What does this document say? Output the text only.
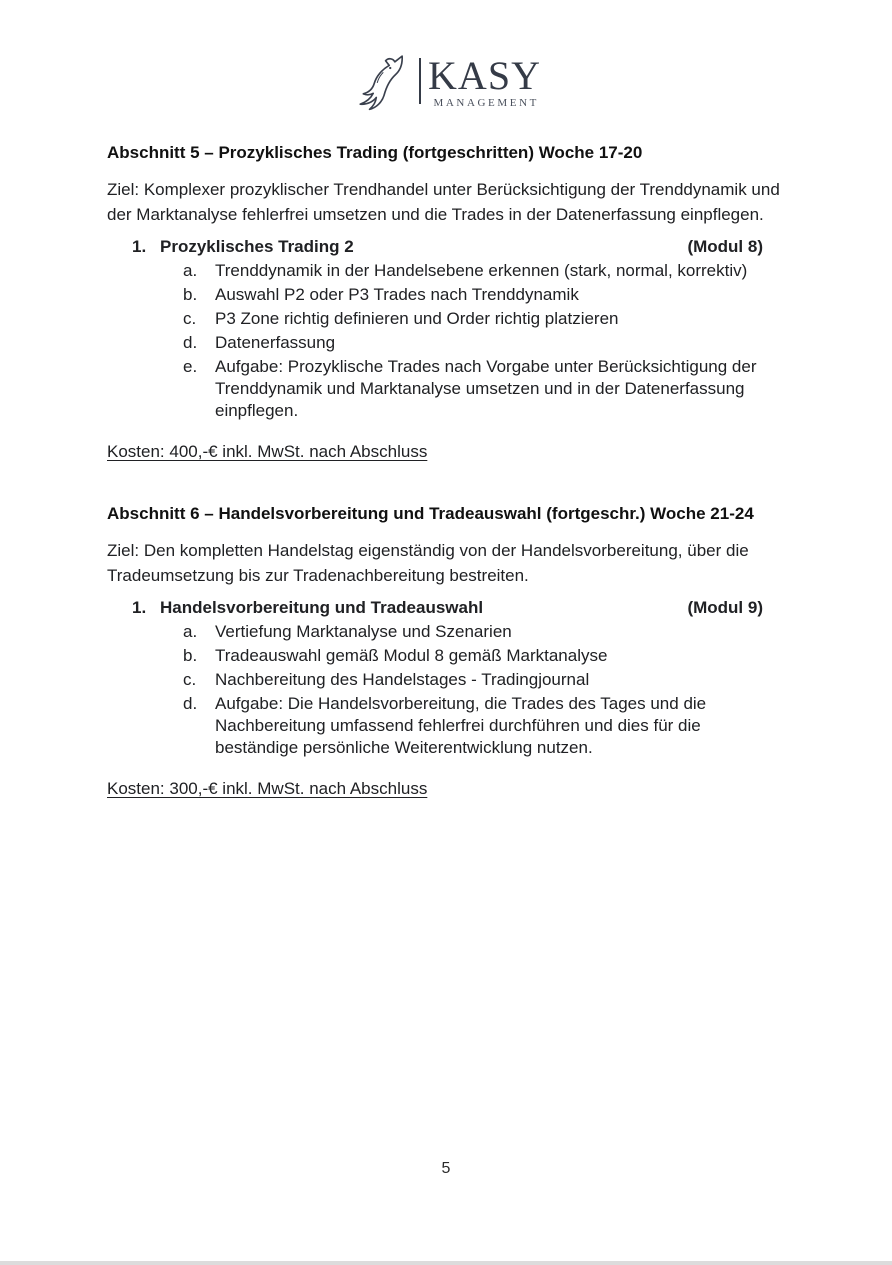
KASY
MANAGEMENT
Abschnitt 5 – Prozyklisches Trading (fortgeschritten) Woche 17-20

Ziel: Komplexer prozyklischer Trendhandel unter Berücksichtigung der Trenddynamik und der Marktanalyse fehlerfrei umsetzen und die Trades in der Datenerfassung einpflegen.

1. Prozyklisches Trading 2	(Modul 8)
a.	Trenddynamik in der Handelsebene erkennen (stark, normal, korrektiv)
b.	Auswahl P2 oder P3 Trades nach Trenddynamik
c.	P3 Zone richtig definieren und Order richtig platzieren
d.	Datenerfassung
e.	Aufgabe: Prozyklische Trades nach Vorgabe unter Berücksichtigung der Trenddynamik und Marktanalyse umsetzen und in der Datenerfassung einpflegen.

Kosten: 400,-€ inkl. MwSt. nach Abschluss

Abschnitt 6 – Handelsvorbereitung und Tradeauswahl (fortgeschr.) Woche 21-24

Ziel: Den kompletten Handelstag eigenständig von der Handelsvorbereitung, über die Tradeumsetzung bis zur Tradenachbereitung bestreiten.

1. Handelsvorbereitung und Tradeauswahl	(Modul 9)
a.	Vertiefung Marktanalyse und Szenarien
b.	Tradeauswahl gemäß Modul 8 gemäß Marktanalyse
c.	Nachbereitung des Handelstages - Tradingjournal
d.	Aufgabe: Die Handelsvorbereitung, die Trades des Tages und die Nachbereitung umfassend fehlerfrei durchführen und dies für die beständige persönliche Weiterentwicklung nutzen.

Kosten: 300,-€ inkl. MwSt. nach Abschluss

5
